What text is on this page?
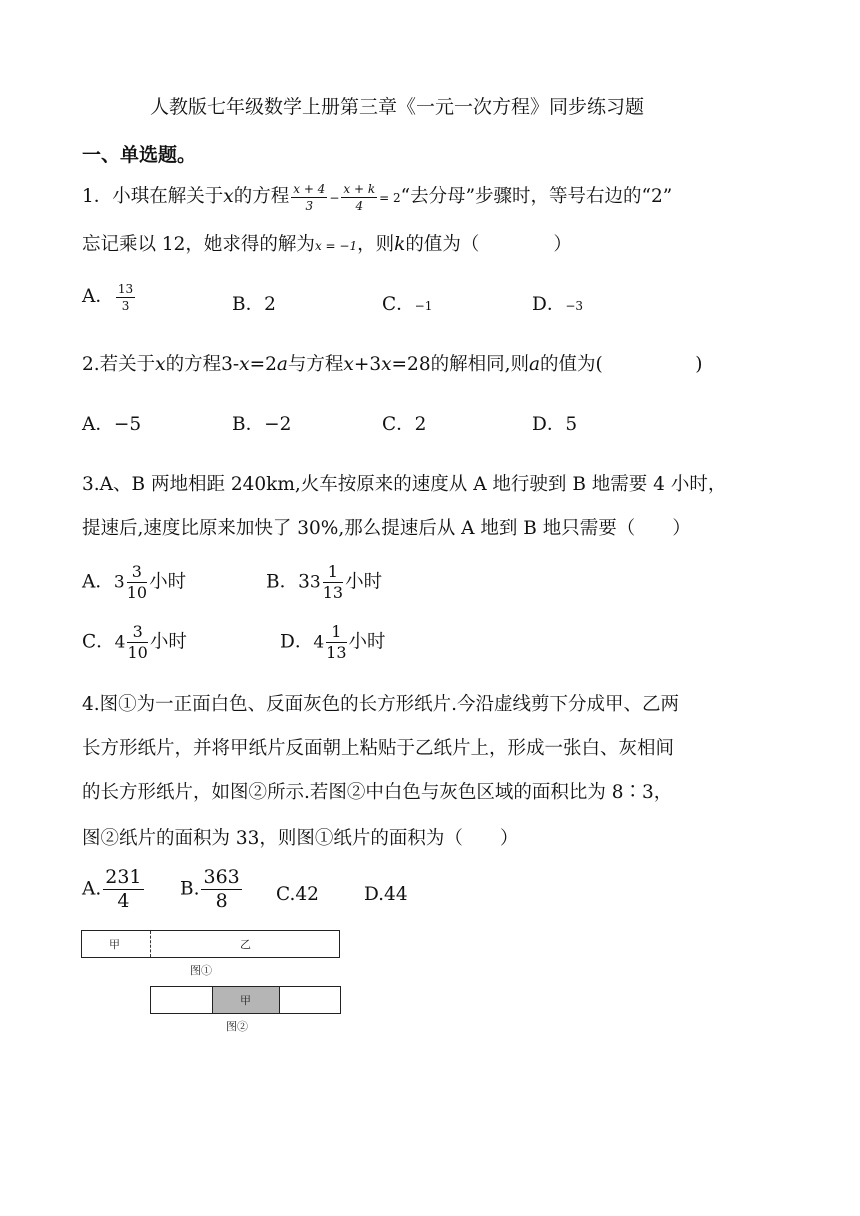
人教版七年级数学上册第三章《一元一次方程》同步练习题
一、单选题。
1．小琪在解关于x的方程 $\frac{x + 4}{3} - \frac{x + k}{4}$ = 2“去分母”步骤时，等号右边的“2”
忘记乘以 12，她求得的解为x = −1，则k的值为（　　　　）
A． $\frac{13}{3}$	B．2	C．−1	D．−3
2.若关于x的方程3-x=2a与方程x+3x=28的解相同,则a的值为(　　　　　)
A．−5	B．−2	C．2	D．5
3.A、B 两地相距 240km,火车按原来的速度从 A 地行驶到 B 地需要 4 小时，
提速后,速度比原来加快了 30%,那么提速后从 A 地到 B 地只需要（　　）
A．$3 \frac{3}{10}$ 小时	B．$33 \frac{1}{13}$ 小时
C．$4 \frac{3}{10}$ 小时	D．$4 \frac{1}{13}$ 小时
4.图①为一正面白色、反面灰色的长方形纸片.今沿虚线剪下分成甲、乙两
长方形纸片，并将甲纸片反面朝上粘贴于乙纸片上，形成一张白、灰相间
的长方形纸片，如图②所示.若图②中白色与灰色区域的面积比为 8∶3，
图②纸片的面积为 33，则图①纸片的面积为（　　）
A. $\frac{231}{4} B$. $\frac{363}{8} C.42$ D.44
甲	乙
图①
甲
图②
